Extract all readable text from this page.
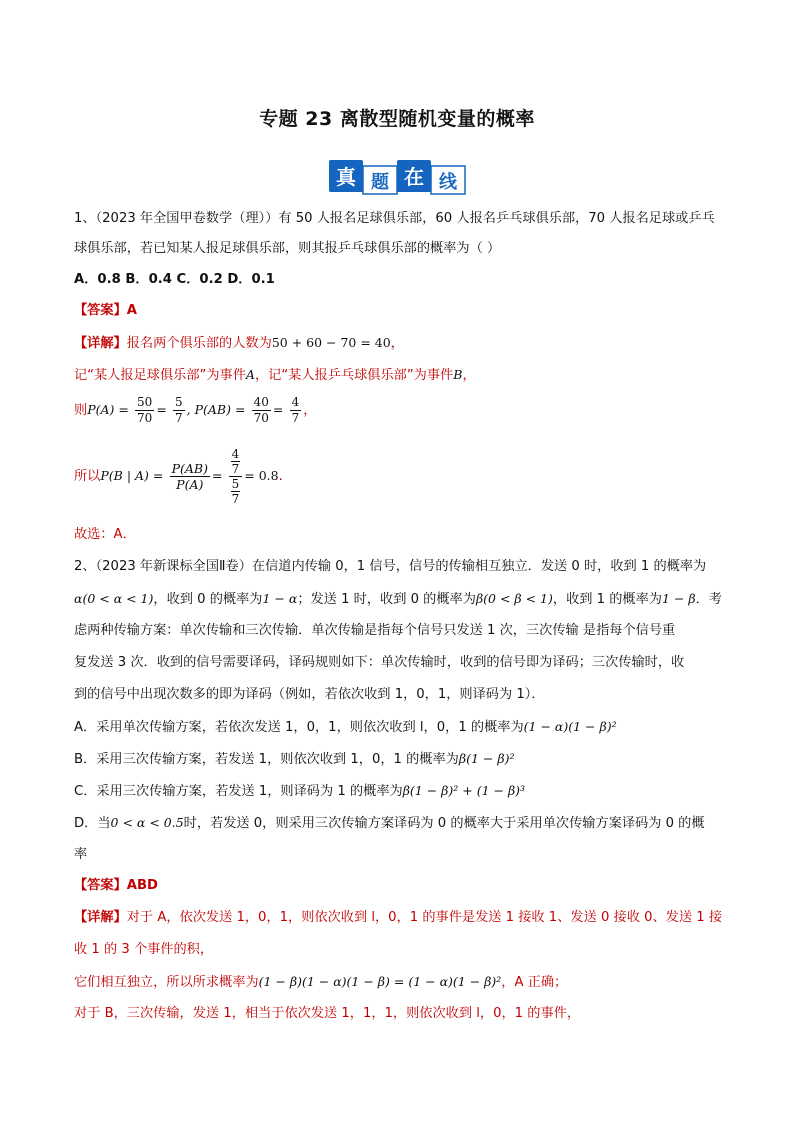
专题 23 离散型随机变量的概率
真 题 在 线
1、（2023 年全国甲卷数学（理））有 50 人报名足球俱乐部，60 人报名乒乓球俱乐部，70 人报名足球或乒乓
球俱乐部，若已知某人报足球俱乐部，则其报乒乓球俱乐部的概率为（ ）
A．0.8 B．0.4 C．0.2 D．0.1
【答案】A
【详解】报名两个俱乐部的人数为50 + 60 − 70 = 40，
记“某人报足球俱乐部”为事件A，记“某人报乒乓球俱乐部”为事件B，
则$P(A) = \frac{50}{70} = \frac{5}{7}$ , $P(AB) = \frac{40}{70} = \frac{4}{7}$ ，
所以P(B | $A) = \frac{P(AB)}{P(A)} = 4$
7
5
7 = 0.8.
故选：A．
2、（2023 年新课标全国Ⅱ卷）在信道内传输 0，1 信号，信号的传输相互独立．发送 0 时，收到 1 的概率为
α(0 < α < 1)，收到 0 的概率为1 − α；发送 1 时，收到 0 的概率为β(0 < β < 1)，收到 1 的概率为1 − β．考
虑两种传输方案：单次传输和三次传输．单次传输是指每个信号只发送 1 次，三次传输 是指每个信号重
复发送 3 次．收到的信号需要译码，译码规则如下：单次传输时，收到的信号即为译码；三次传输时，收
到的信号中出现次数多的即为译码（例如，若依次收到 1，0，1，则译码为 1）．
A．采用单次传输方案，若依次发送 1，0，1，则依次收到 l，0，1 的概率为(1 − α)(1 − β)²
B．采用三次传输方案，若发送 1，则依次收到 1，0，1 的概率为β(1 − β)²
C．采用三次传输方案，若发送 1，则译码为 1 的概率为β(1 − β)² + (1 − β)³
D．当0 < α < 0.5时，若发送 0，则采用三次传输方案译码为 0 的概率大于采用单次传输方案译码为 0 的概
率
【答案】ABD
【详解】对于 A，依次发送 1，0，1，则依次收到 l，0，1 的事件是发送 1 接收 1、发送 0 接收 0、发送 1 接
收 1 的 3 个事件的积，
它们相互独立，所以所求概率为(1 − β)(1 − α)(1 − β) = (1 − α)(1 − β)²，A 正确；
对于 B，三次传输，发送 1，相当于依次发送 1，1，1，则依次收到 l，0，1 的事件，
